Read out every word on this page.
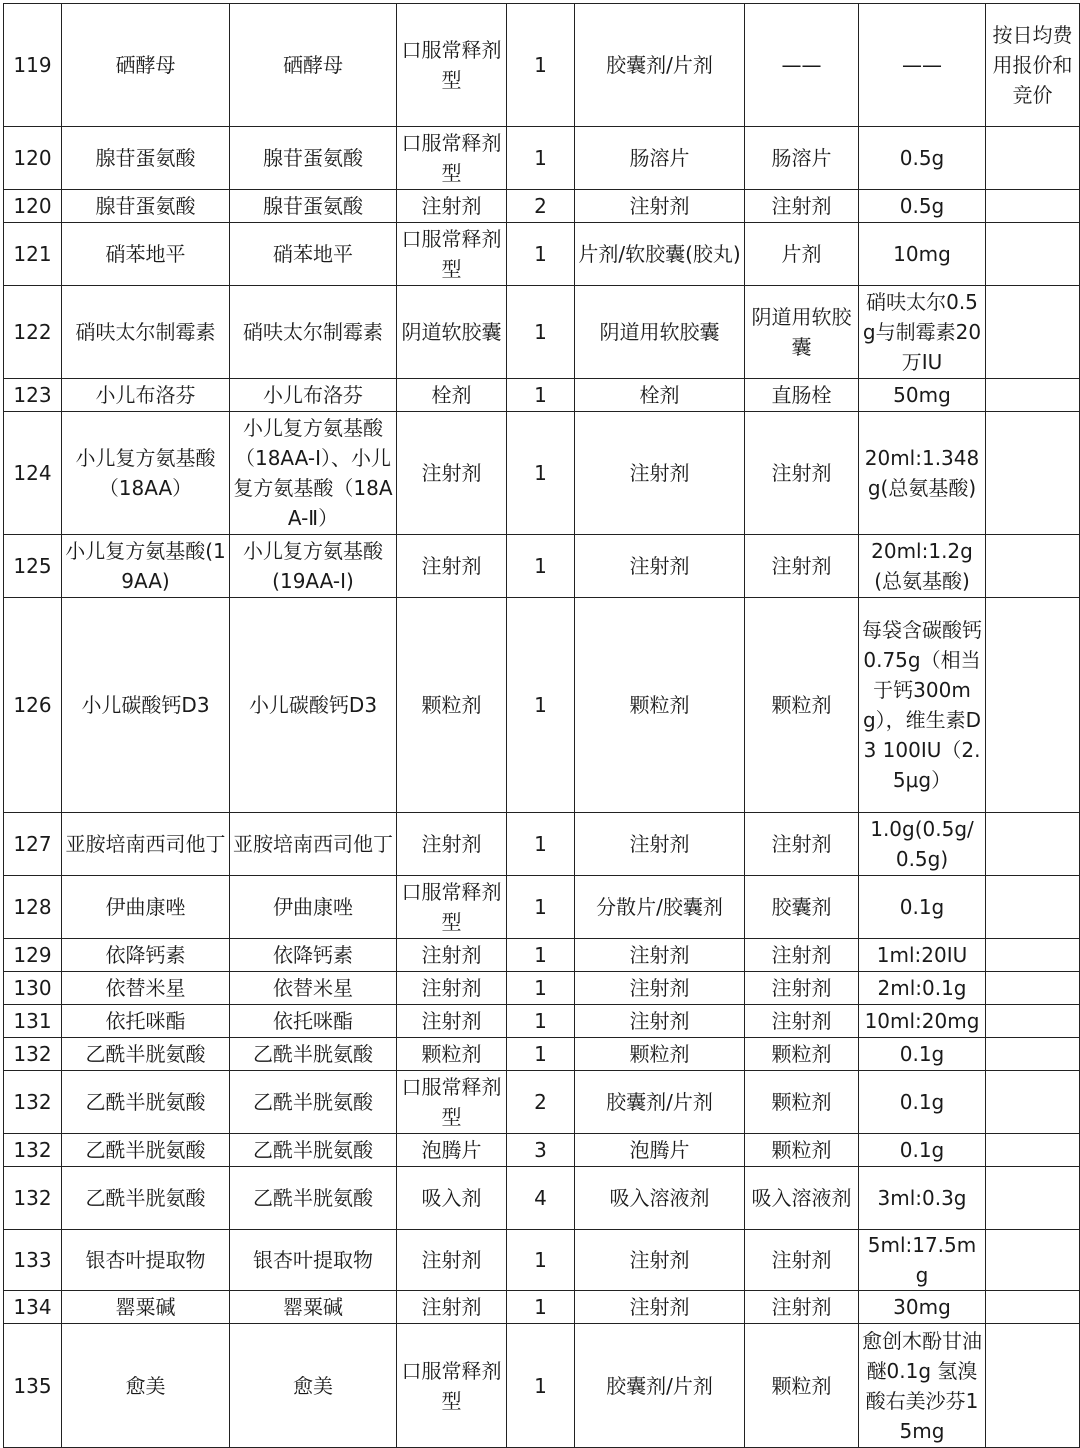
119	硒酵母	硒酵母	口服常释剂型	1	胶囊剂/片剂	——	——	按日均费用报价和竞价
120	腺苷蛋氨酸	腺苷蛋氨酸	口服常释剂型	1	肠溶片	肠溶片	0.5g	
120	腺苷蛋氨酸	腺苷蛋氨酸	注射剂	2	注射剂	注射剂	0.5g	
121	硝苯地平	硝苯地平	口服常释剂型	1	片剂/软胶囊(胶丸)	片剂	10mg	
122	硝呋太尔制霉素	硝呋太尔制霉素	阴道软胶囊	1	阴道用软胶囊	阴道用软胶囊	硝呋太尔0.5g与制霉素20万IU	
123	小儿布洛芬	小儿布洛芬	栓剂	1	栓剂	直肠栓	50mg	
124	小儿复方氨基酸（18AA）	小儿复方氨基酸（18AA-Ⅰ）、小儿复方氨基酸（18AA-Ⅱ）	注射剂	1	注射剂	注射剂	20ml:1.348g(总氨基酸)	
125	小儿复方氨基酸(19AA)	小儿复方氨基酸(19AA-Ⅰ)	注射剂	1	注射剂	注射剂	20ml:1.2g(总氨基酸)	
126	小儿碳酸钙D3	小儿碳酸钙D3	颗粒剂	1	颗粒剂	颗粒剂	每袋含碳酸钙0.75g（相当于钙300mg），维生素D3 100IU（2.5μg）	
127	亚胺培南西司他丁	亚胺培南西司他丁	注射剂	1	注射剂	注射剂	1.0g(0.5g/0.5g)	
128	伊曲康唑	伊曲康唑	口服常释剂型	1	分散片/胶囊剂	胶囊剂	0.1g	
129	依降钙素	依降钙素	注射剂	1	注射剂	注射剂	1ml:20IU	
130	依替米星	依替米星	注射剂	1	注射剂	注射剂	2ml:0.1g	
131	依托咪酯	依托咪酯	注射剂	1	注射剂	注射剂	10ml:20mg	
132	乙酰半胱氨酸	乙酰半胱氨酸	颗粒剂	1	颗粒剂	颗粒剂	0.1g	
132	乙酰半胱氨酸	乙酰半胱氨酸	口服常释剂型	2	胶囊剂/片剂	颗粒剂	0.1g	
132	乙酰半胱氨酸	乙酰半胱氨酸	泡腾片	3	泡腾片	颗粒剂	0.1g	
132	乙酰半胱氨酸	乙酰半胱氨酸	吸入剂	4	吸入溶液剂	吸入溶液剂	3ml:0.3g	
133	银杏叶提取物	银杏叶提取物	注射剂	1	注射剂	注射剂	5ml:17.5mg	
134	罂粟碱	罂粟碱	注射剂	1	注射剂	注射剂	30mg	
135	愈美	愈美	口服常释剂型	1	胶囊剂/片剂	颗粒剂	愈创木酚甘油醚0.1g 氢溴酸右美沙芬15mg	
